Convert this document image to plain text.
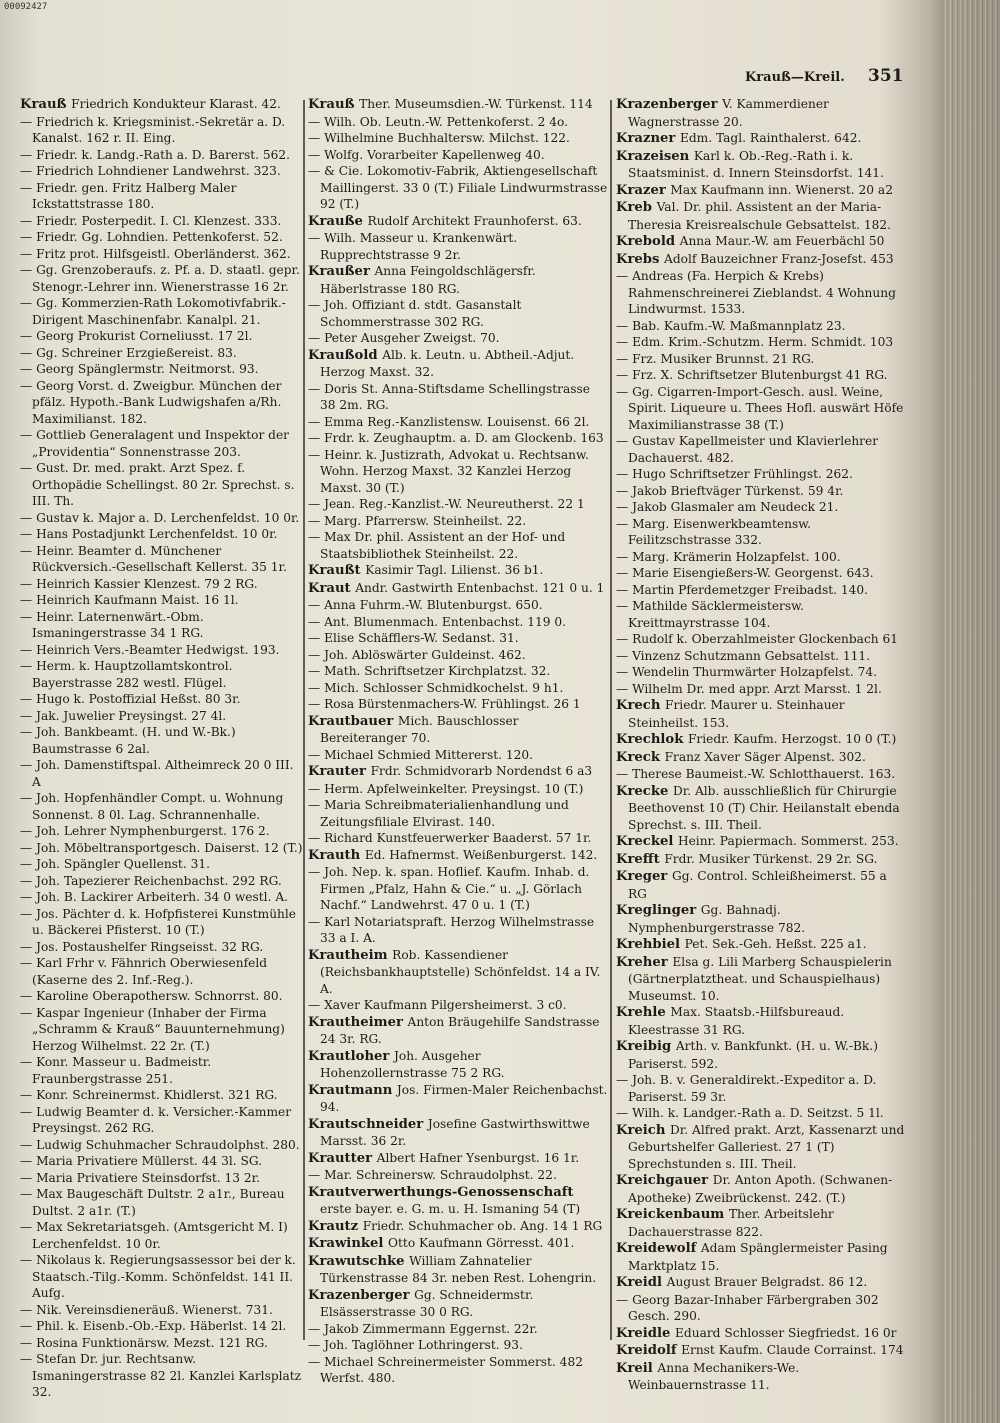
00092427
Krauß—Kreil. 351

Krauß Friedrich Kondukteur Klarast. 42.

— Friedrich k. Kriegsminist.-Sekretär a. D. Kanalst. 162 r. II. Eing.

— Friedr. k. Landg.-Rath a. D. Barerst. 562.

— Friedrich Lohndiener Landwehrst. 323.

— Friedr. gen. Fritz Halberg Maler Ickstattstrasse 180.

— Friedr. Posterpedit. I. Cl. Klenzest. 333.

— Friedr. Gg. Lohndien. Pettenkoferst. 52.

— Fritz prot. Hilfsgeistl. Oberländerst. 362.

— Gg. Grenzoberaufs. z. Pf. a. D. staatl. gepr. Stenogr.-Lehrer inn. Wienerstrasse 16 2r.

— Gg. Kommerzien-Rath Lokomotivfabrik.-Dirigent Maschinenfabr. Kanalpl. 21.

— Georg Prokurist Corneliusst. 17 2l.

— Gg. Schreiner Erzgießereist. 83.

— Georg Spänglermstr. Neitmorst. 93.

— Georg Vorst. d. Zweigbur. München der pfälz. Hypoth.-Bank Ludwigshafen a/Rh. Maximilianst. 182.

— Gottlieb Generalagent und Inspektor der „Providentia“ Sonnenstrasse 203.

— Gust. Dr. med. prakt. Arzt Spez. f. Orthopädie Schellingst. 80 2r. Sprechst. s. III. Th.

— Gustav k. Major a. D. Lerchenfeldst. 10 0r.

— Hans Postadjunkt Lerchenfeldst. 10 0r.

— Heinr. Beamter d. Münchener Rückversich.-Gesellschaft Kellerst. 35 1r.

— Heinrich Kassier Klenzest. 79 2 RG.

— Heinrich Kaufmann Maist. 16 1l.

— Heinr. Laternenwärt.-Obm. Ismaningerstrasse 34 1 RG.

— Heinrich Vers.-Beamter Hedwigst. 193.

— Herm. k. Hauptzollamtskontrol. Bayerstrasse 282 westl. Flügel.

— Hugo k. Postoffizial Heßst. 80 3r.

— Jak. Juwelier Preysingst. 27 4l.

— Joh. Bankbeamt. (H. und W.-Bk.) Baumstrasse 6 2al.

— Joh. Damenstiftspal. Altheimreck 20 0 III. A

— Joh. Hopfenhändler Compt. u. Wohnung Sonnenst. 8 0l. Lag. Schrannenhalle.

— Joh. Lehrer Nymphenburgerst. 176 2.

— Joh. Möbeltransportgesch. Daiserst. 12 (T.)

— Joh. Spängler Quellenst. 31.

— Joh. Tapezierer Reichenbachst. 292 RG.

— Joh. B. Lackirer Arbeiterh. 34 0 westl. A.

— Jos. Pächter d. k. Hofpfisterei Kunstmühle u. Bäckerei Pfisterst. 10 (T.)

— Jos. Postaushelfer Ringseisst. 32 RG.

— Karl Frhr v. Fähnrich Oberwiesenfeld (Kaserne des 2. Inf.-Reg.).

— Karoline Oberapothersw. Schnorrst. 80.

— Kaspar Ingenieur (Inhaber der Firma „Schramm & Krauß“ Bauunternehmung) Herzog Wilhelmst. 22 2r. (T.)

— Konr. Masseur u. Badmeistr. Fraunbergstrasse 251.

— Konr. Schreinermst. Khidlerst. 321 RG.

— Ludwig Beamter d. k. Versicher.-Kammer Preysingst. 262 RG.

— Ludwig Schuhmacher Schraudolphst. 280.

— Maria Privatiere Müllerst. 44 3l. SG.

— Maria Privatiere Steinsdorfst. 13 2r.

— Max Baugeschäft Dultstr. 2 a1r., Bureau Dultst. 2 a1r. (T.)

— Max Sekretariatsgeh. (Amtsgericht M. I) Lerchenfeldst. 10 0r.

— Nikolaus k. Regierungsassessor bei der k. Staatsch.-Tilg.-Komm. Schönfeldst. 141 II. Aufg.

— Nik. Vereinsdieneräuß. Wienerst. 731.

— Phil. k. Eisenb.-Ob.-Exp. Häberlst. 14 2l.

— Rosina Funktionärsw. Mezst. 121 RG.

— Stefan Dr. jur. Rechtsanw. Ismaningerstrasse 82 2l. Kanzlei Karlsplatz 32.

Krauß Ther. Museumsdien.-W. Türkenst. 114

— Wilh. Ob. Leutn.-W. Pettenkoferst. 2 4o.

— Wilhelmine Buchhaltersw. Milchst. 122.

— Wolfg. Vorarbeiter Kapellenweg 40.

— & Cie. Lokomotiv-Fabrik, Aktiengesellschaft Maillingerst. 33 0 (T.) Filiale Lindwurmstrasse 92 (T.)

Krauße Rudolf Architekt Fraunhoferst. 63.

— Wilh. Masseur u. Krankenwärt. Rupprechtstrasse 9 2r.

Kraußer Anna Feingoldschlägersfr. Häberlstrasse 180 RG.

— Joh. Offiziant d. stdt. Gasanstalt Schommerstrasse 302 RG.

— Peter Ausgeher Zweigst. 70.

Kraußold Alb. k. Leutn. u. Abtheil.-Adjut. Herzog Maxst. 32.

— Doris St. Anna-Stiftsdame Schellingstrasse 38 2m. RG.

— Emma Reg.-Kanzlistensw. Louisenst. 66 2l.

— Frdr. k. Zeughauptm. a. D. am Glockenb. 163

— Heinr. k. Justizrath, Advokat u. Rechtsanw. Wohn. Herzog Maxst. 32 Kanzlei Herzog Maxst. 30 (T.)

— Jean. Reg.-Kanzlist.-W. Neureutherst. 22 1

— Marg. Pfarrersw. Steinheilst. 22.

— Max Dr. phil. Assistent an der Hof- und Staatsbibliothek Steinheilst. 22.

Kraußt Kasimir Tagl. Lilienst. 36 b1.

Kraut Andr. Gastwirth Entenbachst. 121 0 u. 1

— Anna Fuhrm.-W. Blutenburgst. 650.

— Ant. Blumenmach. Entenbachst. 119 0.

— Elise Schäfflers-W. Sedanst. 31.

— Joh. Ablöswärter Guldeinst. 462.

— Math. Schriftsetzer Kirchplatzst. 32.

— Mich. Schlosser Schmidkochelst. 9 h1.

— Rosa Bürstenmachers-W. Frühlingst. 26 1

Krautbauer Mich. Bauschlosser Bereiteranger 70.

— Michael Schmied Mittererst. 120.

Krauter Frdr. Schmidvorarb Nordendst 6 a3

— Herm. Apfelweinkelter. Preysingst. 10 (T.)

— Maria Schreibmaterialienhandlung und Zeitungsfiliale Elvirast. 140.

— Richard Kunstfeuerwerker Baaderst. 57 1r.

Krauth Ed. Hafnermst. Weißenburgerst. 142.

— Joh. Nep. k. span. Hoflief. Kaufm. Inhab. d. Firmen „Pfalz, Hahn & Cie.“ u. „J. Görlach Nachf.“ Landwehrst. 47 0 u. 1 (T.)

— Karl Notariatspraft. Herzog Wilhelmstrasse 33 a I. A.

Krautheim Rob. Kassendiener (Reichsbankhauptstelle) Schönfeldst. 14 a IV. A.

— Xaver Kaufmann Pilgersheimerst. 3 c0.

Krautheimer Anton Bräugehilfe Sandstrasse 24 3r. RG.

Krautloher Joh. Ausgeher Hohenzollernstrasse 75 2 RG.

Krautmann Jos. Firmen-Maler Reichenbachst. 94.

Krautschneider Josefine Gastwirthswittwe Marsst. 36 2r.

Krautter Albert Hafner Ysenburgst. 16 1r.

— Mar. Schreinersw. Schraudolphst. 22.

Krautverwerthungs-Genossenschaft erste bayer. e. G. m. u. H. Ismaning 54 (T)

Krautz Friedr. Schuhmacher ob. Ang. 14 1 RG

Krawinkel Otto Kaufmann Görresst. 401.

Krawutschke William Zahnatelier Türkenstrasse 84 3r. neben Rest. Lohengrin.

Krazenberger Gg. Schneidermstr. Elsässerstrasse 30 0 RG.

— Jakob Zimmermann Eggernst. 22r.

— Joh. Taglöhner Lothringerst. 93.

— Michael Schreinermeister Sommerst. 482 Werfst. 480.

Krazenberger V. Kammerdiener Wagnerstrasse 20.

Krazner Edm. Tagl. Rainthalerst. 642.

Krazeisen Karl k. Ob.-Reg.-Rath i. k. Staatsminist. d. Innern Steinsdorfst. 141.

Krazer Max Kaufmann inn. Wienerst. 20 a2

Kreb Val. Dr. phil. Assistent an der Maria-Theresia Kreisrealschule Gebsattelst. 182.

Krebold Anna Maur.-W. am Feuerbächl 50

Krebs Adolf Bauzeichner Franz-Josefst. 453

— Andreas (Fa. Herpich & Krebs) Rahmenschreinerei Zieblandst. 4 Wohnung Lindwurmst. 1533.

— Bab. Kaufm.-W. Maßmannplatz 23.

— Edm. Krim.-Schutzm. Herm. Schmidt. 103

— Frz. Musiker Brunnst. 21 RG.

— Frz. X. Schriftsetzer Blutenburgst 41 RG.

— Gg. Cigarren-Import-Gesch. ausl. Weine, Spirit. Liqueure u. Thees Hofl. auswärt Höfe Maximilianstrasse 38 (T.)

— Gustav Kapellmeister und Klavierlehrer Dachauerst. 482.

— Hugo Schriftsetzer Frühlingst. 262.

— Jakob Brieftväger Türkenst. 59 4r.

— Jakob Glasmaler am Neudeck 21.

— Marg. Eisenwerkbeamtensw. Feilitzschstrasse 332.

— Marg. Krämerin Holzapfelst. 100.

— Marie Eisengießers-W. Georgenst. 643.

— Martin Pferdemetzger Freibadst. 140.

— Mathilde Säcklermeistersw. Kreittmayrstrasse 104.

— Rudolf k. Oberzahlmeister Glockenbach 61

— Vinzenz Schutzmann Gebsattelst. 111.

— Wendelin Thurmwärter Holzapfelst. 74.

— Wilhelm Dr. med appr. Arzt Marsst. 1 2l.

Krech Friedr. Maurer u. Steinhauer Steinheilst. 153.

Krechlok Friedr. Kaufm. Herzogst. 10 0 (T.)

Kreck Franz Xaver Säger Alpenst. 302.

— Therese Baumeist.-W. Schlotthauerst. 163.

Krecke Dr. Alb. ausschließlich für Chirurgie Beethovenst 10 (T) Chir. Heilanstalt ebenda Sprechst. s. III. Theil.

Kreckel Heinr. Papiermach. Sommerst. 253.

Krefft Frdr. Musiker Türkenst. 29 2r. SG.

Kreger Gg. Control. Schleißheimerst. 55 a RG

Kreglinger Gg. Bahnadj. Nymphenburgerstrasse 782.

Krehbiel Pet. Sek.-Geh. Heßst. 225 a1.

Kreher Elsa g. Lili Marberg Schauspielerin (Gärtnerplatztheat. und Schauspielhaus) Museumst. 10.

Krehle Max. Staatsb.-Hilfsbureaud. Kleestrasse 31 RG.

Kreibig Arth. v. Bankfunkt. (H. u. W.-Bk.) Pariserst. 592.

— Joh. B. v. Generaldirekt.-Expeditor a. D. Pariserst. 59 3r.

— Wilh. k. Landger.-Rath a. D. Seitzst. 5 1l.

Kreich Dr. Alfred prakt. Arzt, Kassenarzt und Geburtshelfer Galleriest. 27 1 (T) Sprechstunden s. III. Theil.

Kreichgauer Dr. Anton Apoth. (Schwanen-Apotheke) Zweibrückenst. 242. (T.)

Kreickenbaum Ther. Arbeitslehr Dachauerstrasse 822.

Kreidewolf Adam Spänglermeister Pasing Marktplatz 15.

Kreidl August Brauer Belgradst. 86 12.

— Georg Bazar-Inhaber Färbergraben 302 Gesch. 290.

Kreidle Eduard Schlosser Siegfriedst. 16 0r

Kreidolf Ernst Kaufm. Claude Corrainst. 174

Kreil Anna Mechanikers-We. Weinbauernstrasse 11.
